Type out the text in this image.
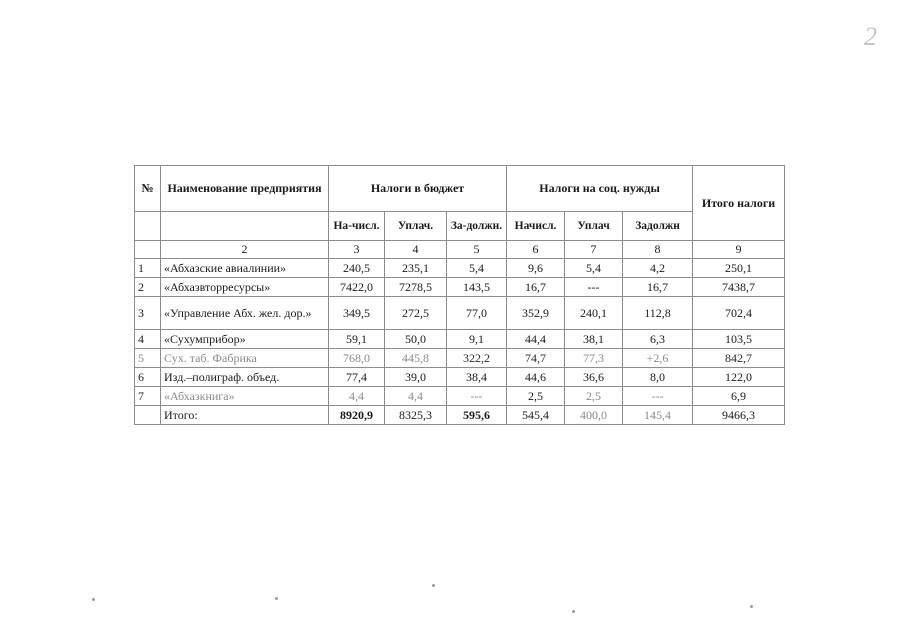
2
№	Наименование предприятия	Налоги в бюджет			Налоги на соц. нужды			Итого налоги
		На-числ.	Уплач.	За-должн.	Начисл.	Уплач	Задолжн	
	2	3	4	5	6	7	8	9
1	«Абхазские авиалинии»	240,5	235,1	5,4	9,6	5,4	4,2	250,1
2	«Абхазвторресурсы»	7422,0	7278,5	143,5	16,7	---	16,7	7438,7
3	«Управление Абх. жел. дор.»	349,5	272,5	77,0	352,9	240,1	112,8	702,4
4	«Сухумприбор»	59,1	50,0	9,1	44,4	38,1	6,3	103,5
5	Сух. таб. Фабрика	768,0	445,8	322,2	74,7	77,3	+2,6	842,7
6	Изд.–полиграф. объед.	77,4	39,0	38,4	44,6	36,6	8,0	122,0
7	«Абхазкнига»	4,4	4,4	---	2,5	2,5	---	6,9
	Итого:	8920,9	8325,3	595,6	545,4	400,0	145,4	9466,3
